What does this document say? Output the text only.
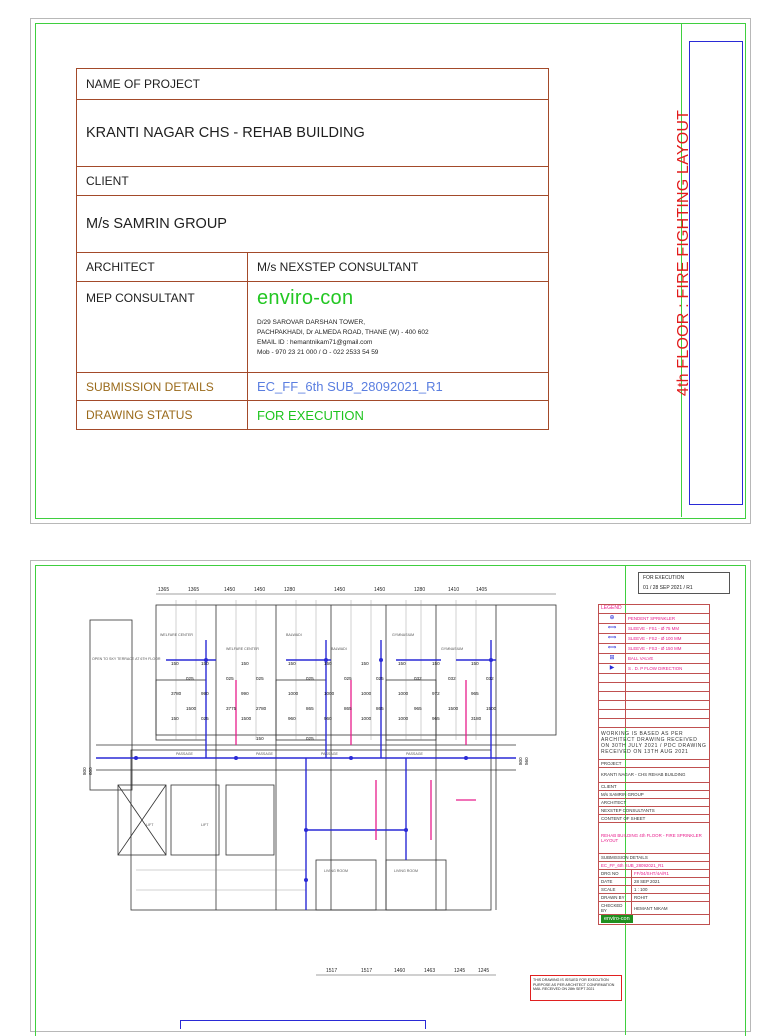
4th FLOOR : FIRE FIGHTING LAYOUT
NAME OF PROJECT	
KRANTI NAGAR CHS - REHAB BUILDING	
CLIENT	
M/s SAMRIN GROUP	
ARCHITECT	M/s NEXSTEP CONSULTANT
MEP CONSULTANT	enviro-con
D/29 SAROVAR DARSHAN TOWER,
PACHPAKHADI, Dr ALMEDA ROAD, THANE (W) - 400 602
EMAIL ID : hemantnikam71@gmail.com
Mob - 970 23 21 000 / O - 022 2533 54 59

SUBMISSION DETAILS	EC_FF_6th SUB_28092021_R1
DRAWING STATUS	FOR EXECUTION
1365	1365	1450	1450	1280	1450	1450	1280	1410	1405
1517	1517	1460	1463	1245	1245
WELFARE CENTER
WELFARE CENTER
BALWADI
BALWADI
GYMNASIUM
GYMNASIUM
PASSAGE	PASSAGE	PASSAGE	PASSAGE
LIFT	LIFT
LIVING ROOM	LIVING ROOM
OPEN TO SKY TERRACE AT 6TH FLOOR
150	150	150	150	150	150	150	150	150
025	025	025	025	025	025	032	032	032
990	990	1000	1000	1000	1000	972	965
3780
3775	2780	865	865	865	965	1500	1500
1500
1500	960	960	1000	1000	965	3180
150	025
150	025
800 600
800 560
FOR EXECUTION
01 / 28 SEP 2021 / R1
LEGEND
⊕	PENDENT SPRINKLER
⟺	SLEEVE - FS1 - Ø 75 MM
⟺	SLEEVE - FS2 - Ø 100 MM
⟺	SLEEVE - FS3 - Ø 150 MM
⊞	BALL VALVE
▶	S . D. P FLOW DIRECTION

WORKING IS BASED AS PER ARCHITECT DRAWING RECEIVED ON 30TH JULY 2021 / PDC DRAWING RECEIVED ON 13TH AUG 2021
PROJECT	
KRANTI NAGAR - CHS REHAB BUILDING	
CLIENT	
M/s SAMRIN GROUP	
ARCHITECT	
NEXSTEP CONSULTANTS	
CONTENT OF SHEET	
REHAB BUILDING 4th FLOOR - FIRE SPRINKLER LAYOUT	
SUBMISSION DETAILS	
EC_FF_6th SUB_28092021_R1	
DRG NO	FF/04/SHT/4A/R1
DATE	28 SEP 2021
SCALE	1 : 100
DRAWN BY	ROHIT
CHECKED BY	HEMANT NIKAM
enviro-con	
THIS DRAWING IS ISSUED FOR EXECUTION PURPOSE AS PER ARCHITECT CONFIRMATION MAIL RECEIVED ON 28th SEPT 2021
